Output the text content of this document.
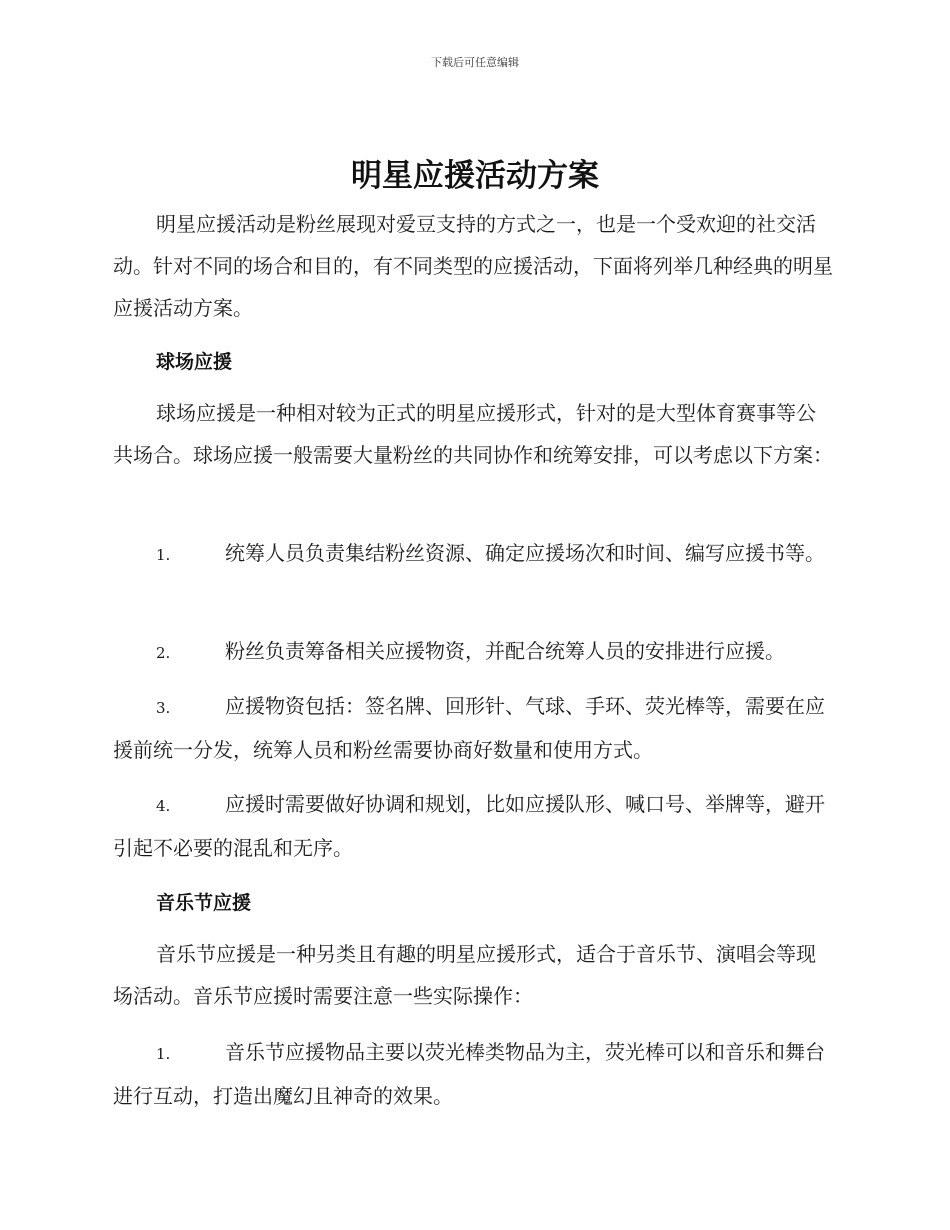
下载后可任意编辑
明星应援活动方案
明星应援活动是粉丝展现对爱豆支持的方式之一，也是一个受欢迎的社交活动。针对不同的场合和目的，有不同类型的应援活动，下面将列举几种经典的明星应援活动方案。
球场应援
球场应援是一种相对较为正式的明星应援形式，针对的是大型体育赛事等公共场合。球场应援一般需要大量粉丝的共同协作和统筹安排，可以考虑以下方案：
1.	统筹人员负责集结粉丝资源、确定应援场次和时间、编写应援书等。
2.	粉丝负责筹备相关应援物资，并配合统筹人员的安排进行应援。
3.	应援物资包括：签名牌、回形针、气球、手环、荧光棒等，需要在应援前统一分发，统筹人员和粉丝需要协商好数量和使用方式。
4.	应援时需要做好协调和规划，比如应援队形、喊口号、举牌等，避开引起不必要的混乱和无序。
音乐节应援
音乐节应援是一种另类且有趣的明星应援形式，适合于音乐节、演唱会等现场活动。音乐节应援时需要注意一些实际操作：
1.	音乐节应援物品主要以荧光棒类物品为主，荧光棒可以和音乐和舞台进行互动，打造出魔幻且神奇的效果。
